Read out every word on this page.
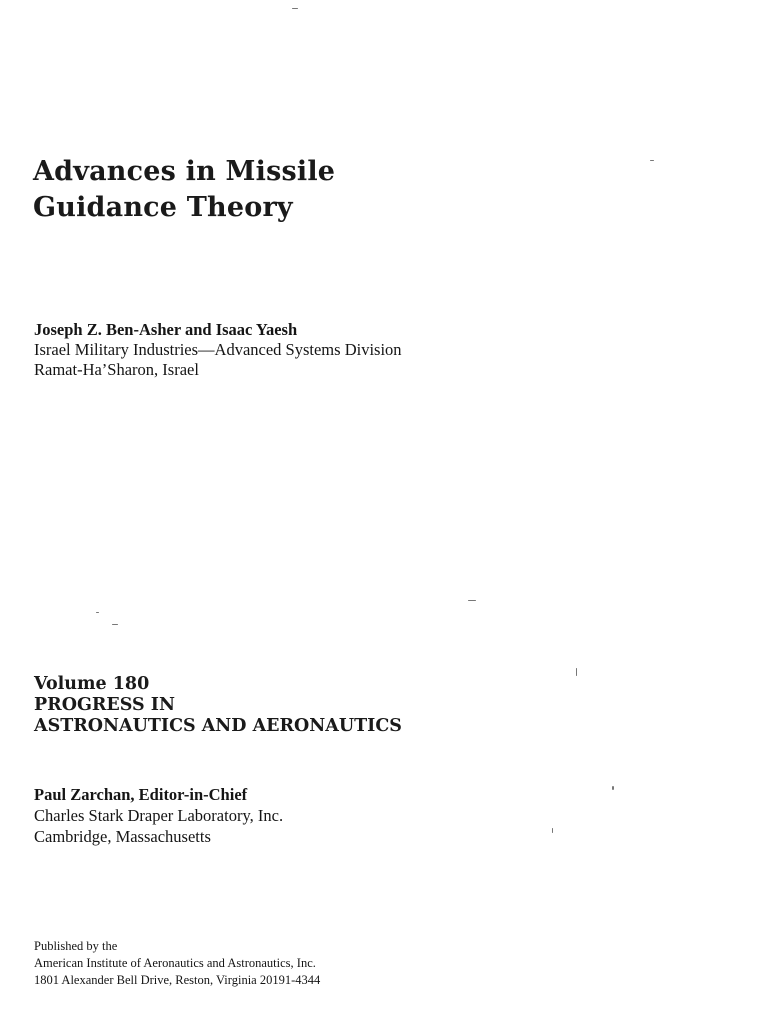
Advances in Missile
Guidance Theory
Joseph Z. Ben-Asher and Isaac Yaesh
Israel Military Industries—Advanced Systems Division
Ramat-Ha’Sharon, Israel
Volume 180
PROGRESS IN
ASTRONAUTICS AND AERONAUTICS
Paul Zarchan, Editor-in-Chief
Charles Stark Draper Laboratory, Inc.
Cambridge, Massachusetts
Published by the
American Institute of Aeronautics and Astronautics, Inc.
1801 Alexander Bell Drive, Reston, Virginia 20191-4344
